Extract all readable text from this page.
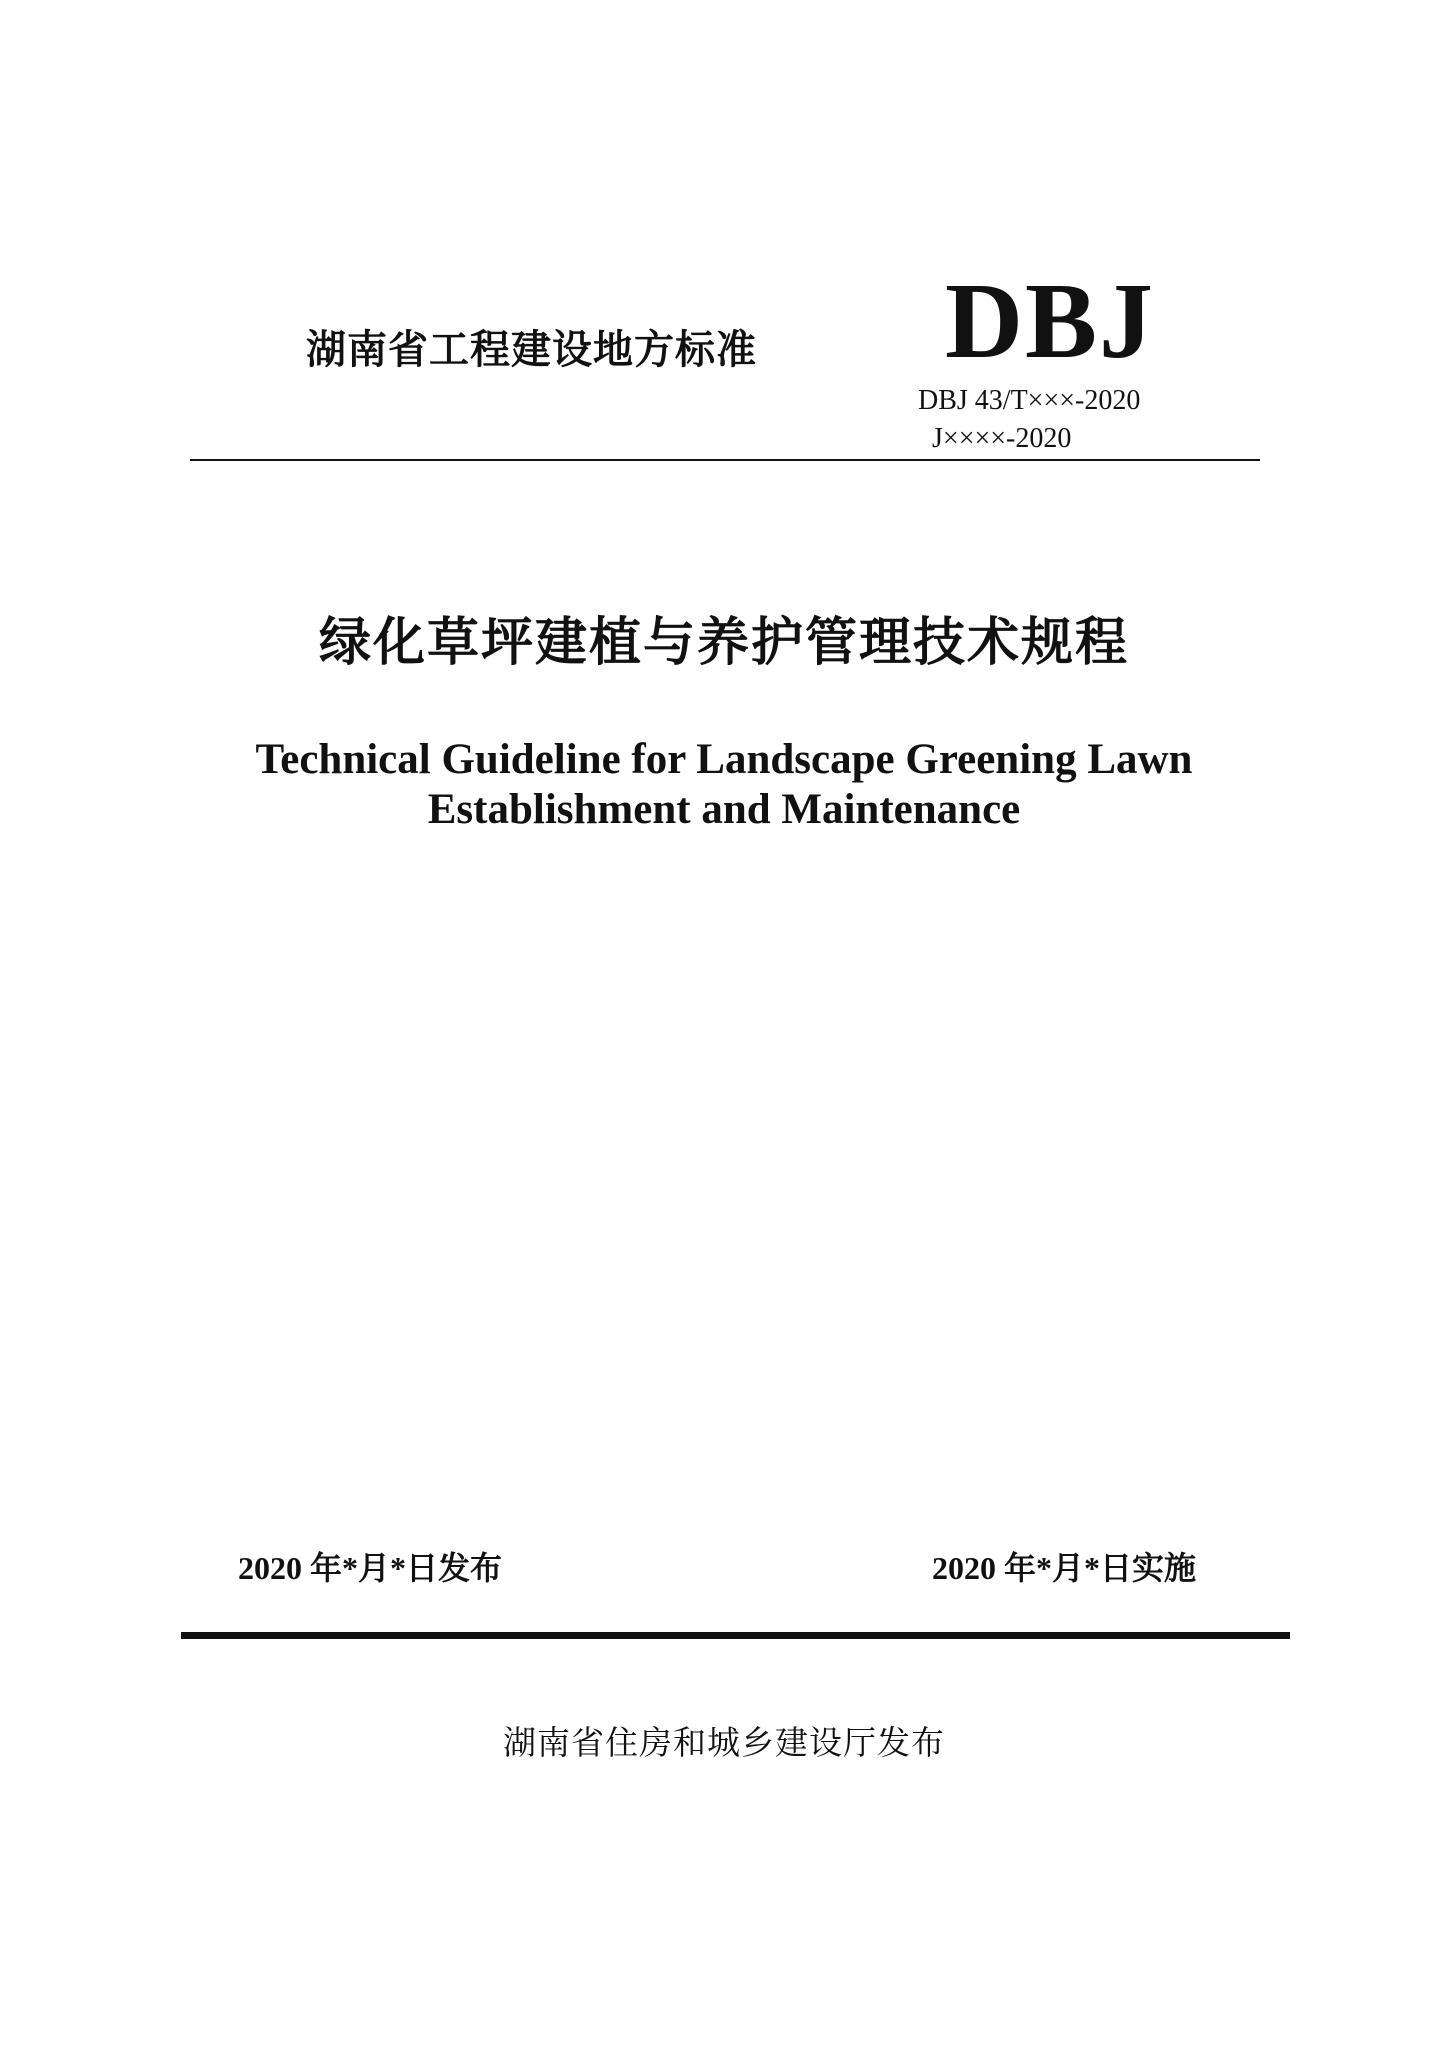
湖南省工程建设地方标准 DBJ
DBJ 43/T×××-2020
J××××-2020
绿化草坪建植与养护管理技术规程
Technical Guideline for Landscape Greening Lawn
Establishment and Maintenance
2020 年*月*日发布	2020 年*月*日实施
湖南省住房和城乡建设厅发布
